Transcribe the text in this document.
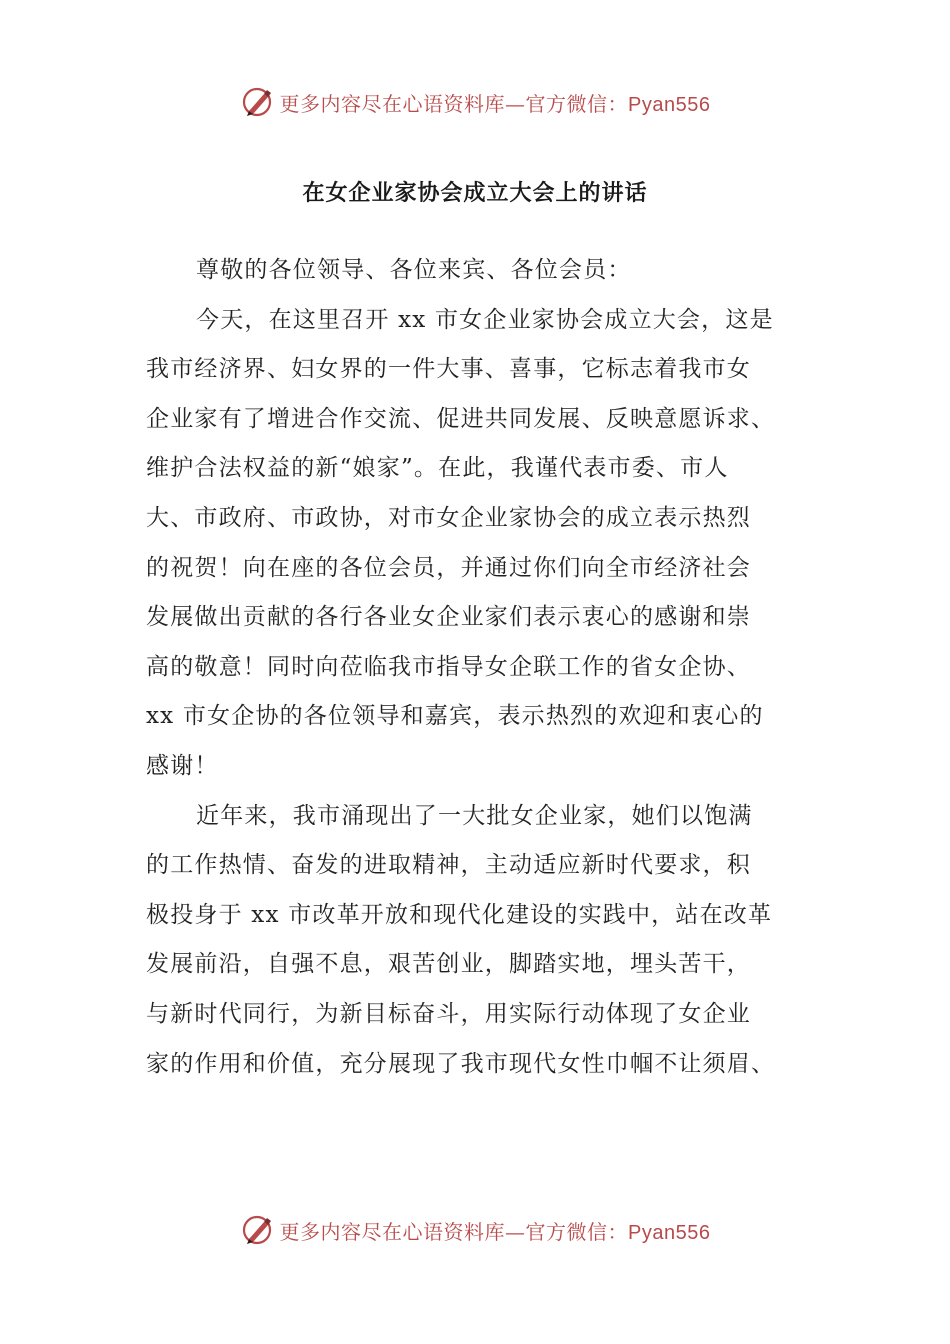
更多内容尽在心语资料库—官方微信：Pyan556
在女企业家协会成立大会上的讲话
尊敬的各位领导、各位来宾、各位会员：
今天，在这里召开 xx 市女企业家协会成立大会，这是
我市经济界、妇女界的一件大事、喜事，它标志着我市女
企业家有了增进合作交流、促进共同发展、反映意愿诉求、
维护合法权益的新“娘家”。在此，我谨代表市委、市人
大、市政府、市政协，对市女企业家协会的成立表示热烈
的祝贺！向在座的各位会员，并通过你们向全市经济社会
发展做出贡献的各行各业女企业家们表示衷心的感谢和崇
高的敬意！同时向莅临我市指导女企联工作的省女企协、
xx 市女企协的各位领导和嘉宾，表示热烈的欢迎和衷心的
感谢！
近年来，我市涌现出了一大批女企业家，她们以饱满
的工作热情、奋发的进取精神，主动适应新时代要求，积
极投身于 xx 市改革开放和现代化建设的实践中，站在改革
发展前沿，自强不息，艰苦创业，脚踏实地，埋头苦干，
与新时代同行，为新目标奋斗，用实际行动体现了女企业
家的作用和价值，充分展现了我市现代女性巾帼不让须眉、
更多内容尽在心语资料库—官方微信：Pyan556
